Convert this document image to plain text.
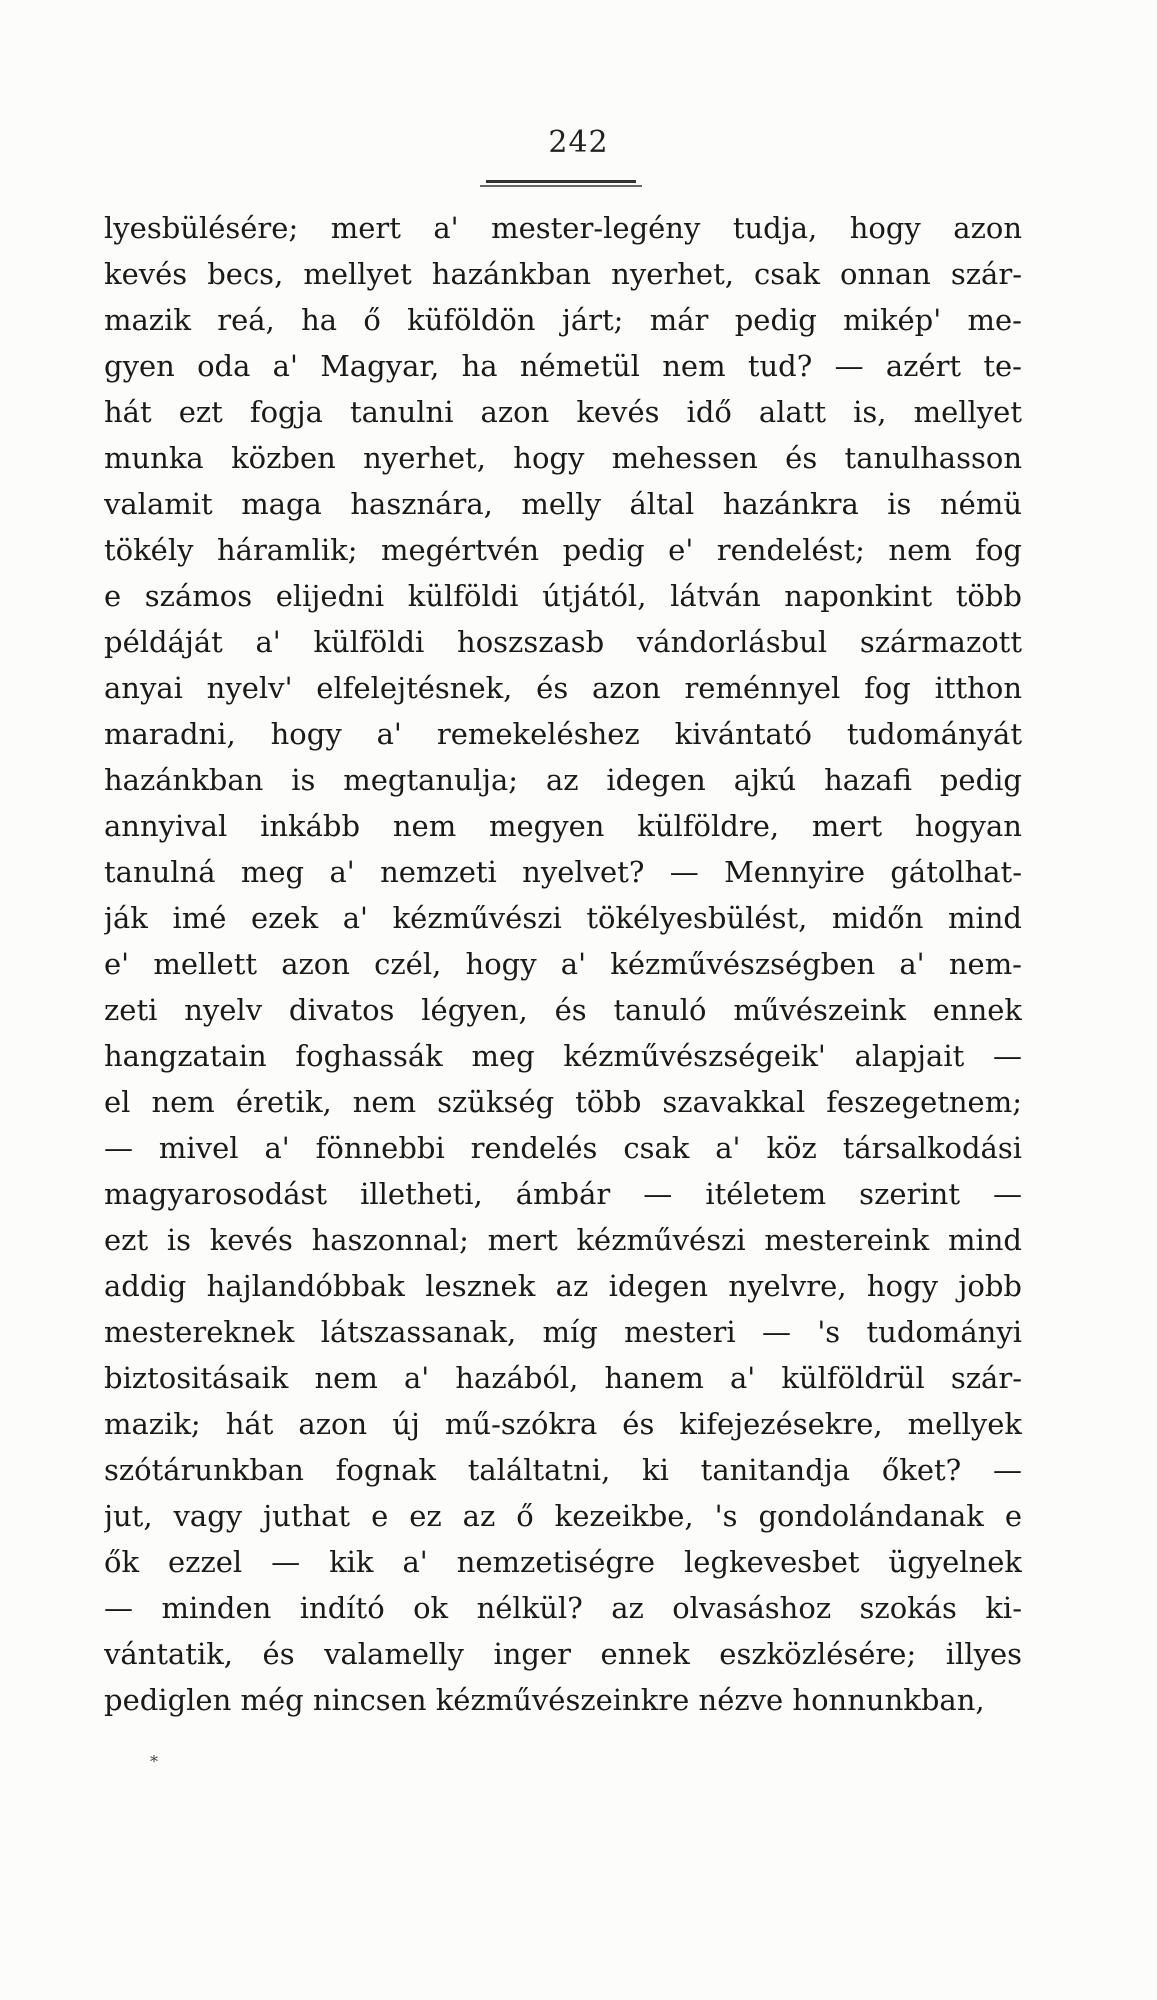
242
lyesbülésére; mert a' mester-legény tudja, hogy azon
kevés becs, mellyet hazánkban nyerhet, csak onnan szár-
mazik reá, ha ő küföldön járt; már pedig mikép' me-
gyen oda a' Magyar, ha németül nem tud? — azért te-
hát ezt fogja tanulni azon kevés idő alatt is, mellyet
munka közben nyerhet, hogy mehessen és tanulhasson
valamit maga hasznára, melly által hazánkra is némü
tökély háramlik; megértvén pedig e' rendelést; nem fog
e számos elijedni külföldi útjától, látván naponkint több
példáját a' külföldi hoszszasb vándorlásbul származott
anyai nyelv' elfelejtésnek, és azon reménnyel fog itthon
maradni, hogy a' remekeléshez kivántató tudományát
hazánkban is megtanulja; az idegen ajkú hazafi pedig
annyival inkább nem megyen külföldre, mert hogyan
tanulná meg a' nemzeti nyelvet? — Mennyire gátolhat-
ják imé ezek a' kézművészi tökélyesbülést, midőn mind
e' mellett azon czél, hogy a' kézművészségben a' nem-
zeti nyelv divatos légyen, és tanuló művészeink ennek
hangzatain foghassák meg kézművészségeik' alapjait —
el nem éretik, nem szükség több szavakkal feszegetnem;
— mivel a' fönnebbi rendelés csak a' köz társalkodási
magyarosodást illetheti, ámbár — itéletem szerint —
ezt is kevés haszonnal; mert kézművészi mestereink mind
addig hajlandóbbak lesznek az idegen nyelvre, hogy jobb
mestereknek látszassanak, míg mesteri — 's tudományi
biztositásaik nem a' hazából, hanem a' külföldrül szár-
mazik; hát azon új mű-szókra és kifejezésekre, mellyek
szótárunkban fognak találtatni, ki tanitandja őket? —
jut, vagy juthat e ez az ő kezeikbe, 's gondolándanak e
ők ezzel — kik a' nemzetiségre legkevesbet ügyelnek
— minden indító ok nélkül? az olvasáshoz szokás ki-
vántatik, és valamelly inger ennek eszközlésére; illyes
pediglen még nincsen kézművészeinkre nézve honnunkban,
*
